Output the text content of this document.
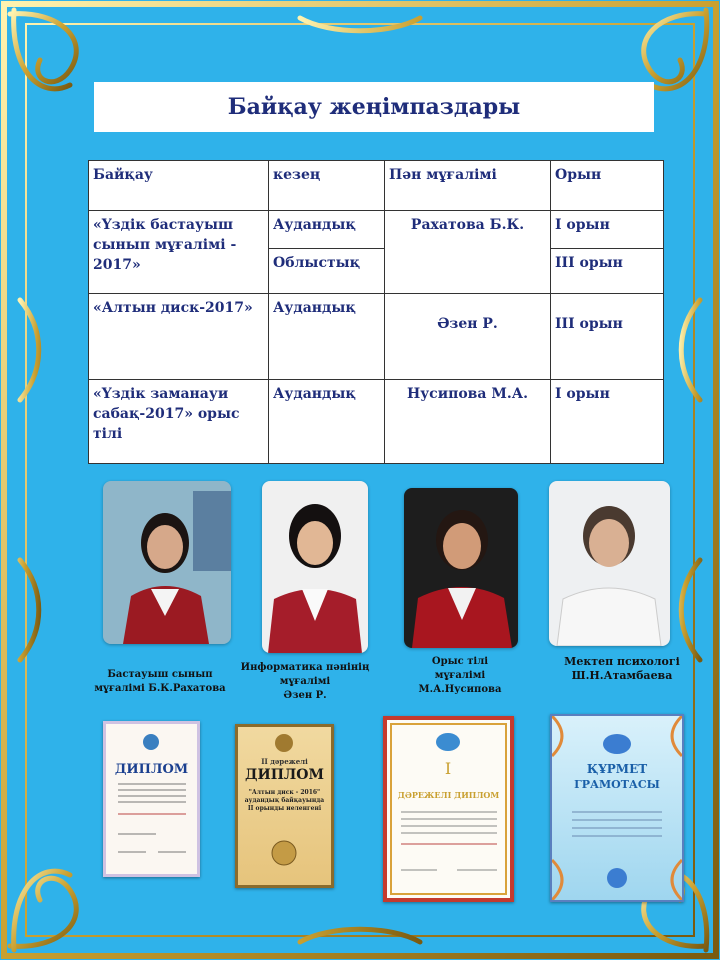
Байқау жеңімпаздары
Байқау	кезең	Пән мұғалімі	Орын
«Үздік бастауыш сынып мұғалімі - 2017»	Аудандық	Рахатова Б.К.	І орын
	Облыстық		ІІІ орын
«Алтын диск-2017»	Аудандық	Әзен Р.	ІІІ орын
«Үздік заманауи сабақ-2017» орыс тілі	Аудандық	Нусипова М.А.	І орын
Бастауыш сынып
мұғалімі Б.К.Рахатова
Информатика пәнінің
мұғалімі
Әзен Р.
Орыс тілі
мұғалімі
М.А.Нусипова
Мектеп психологі
Ш.Н.Атамбаева
ДИПЛОМ
ІІ дәрежелі
ДИПЛОМ
"Алтын диск - 2016"
аудандық байқауында
ІІ орынды иеленгені
І
ДӘРЕЖЕЛІ ДИПЛОМ
ҚҰРМЕТ
ГРАМОТАСЫ
